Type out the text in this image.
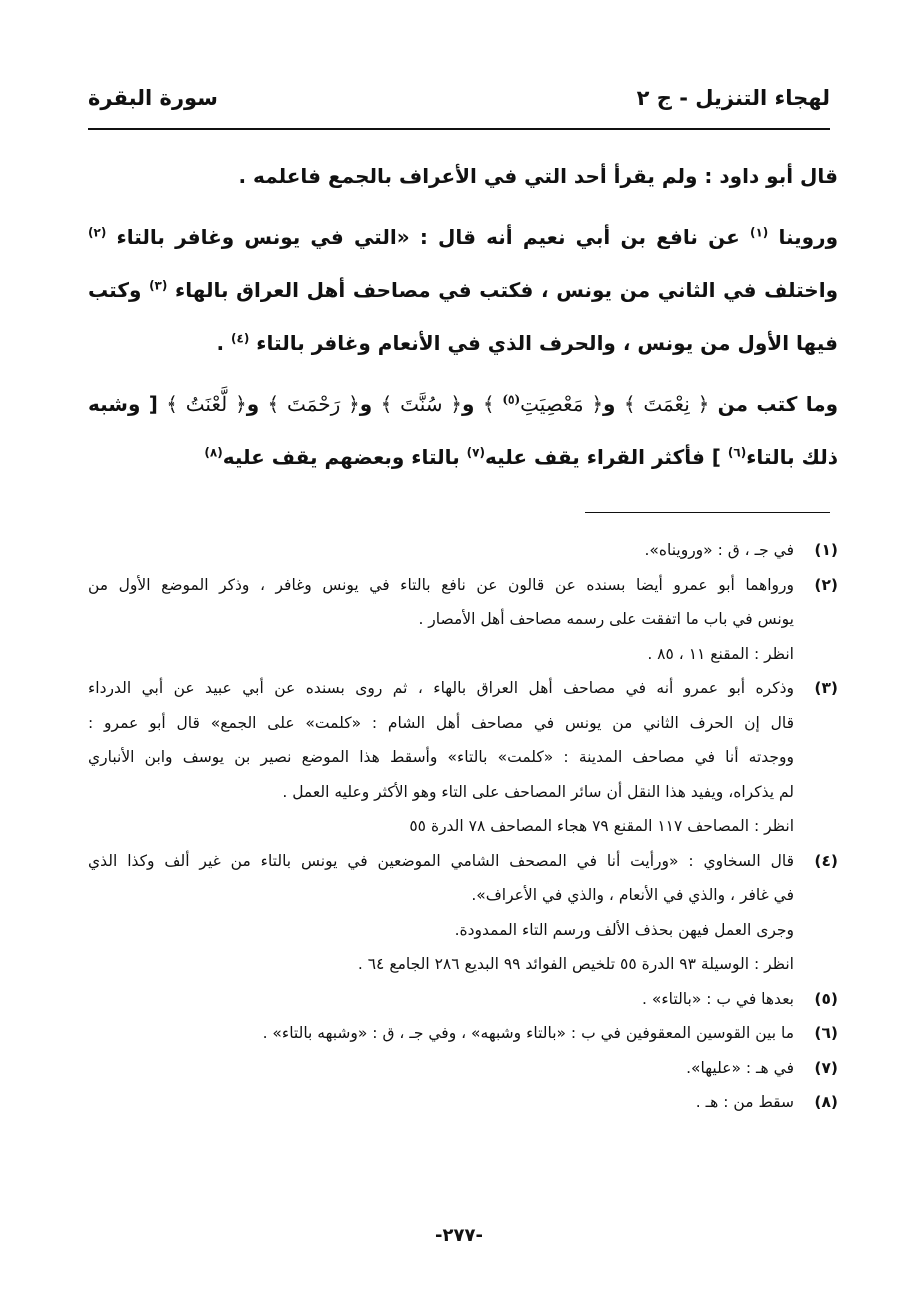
لهجاء التنزيل - ج ٢
سورة البقرة

قال أبو داود : ولم يقرأ أحد التي في الأعراف بالجمع فاعلمه .

وروينا $^{(١)}$ عن نافع بن أبي نعيم أنه قال : «التي في يونس وغافر بالتاء $^{(٢)}$ واختلف في الثاني من يونس ، فكتب في مصاحف أهل العراق بالهاء $^{(٣)}$ وكتب فيها الأول من يونس ، والحرف الذي في الأنعام وغافر بالتاء $^{(٤)}$ .

وما كتب من ﴿ نِعْمَتَ ﴾ و﴿ مَعْصِيَتِ$^{(٥)}$ ﴾ و﴿ سُنَّتَ ﴾ و﴿ رَحْمَتَ ﴾ و﴿ لَّعْنَتُ ﴾ [ وشبه ذلك بالتاء$^{(٦)}$ ] فأكثر القراء يقف عليه$^{(٧)}$ بالتاء وبعضهم يقف عليه$^{(٨)}$

(١)
في جـ ، ق : «ورويناه».
(٢)
ورواهما أبو عمرو أيضا بسنده عن قالون عن نافع بالتاء في يونس وغافر ، وذكر الموضع الأول من
يونس في باب ما اتفقت على رسمه مصاحف أهل الأمصار .
انظر : المقنع ١١ ، ٨٥ .
(٣)
وذكره أبو عمرو أنه في مصاحف أهل العراق بالهاء ، ثم روى بسنده عن أبي عبيد عن أبي الدرداء
قال إن الحرف الثاني من يونس في مصاحف أهل الشام : «كلمت» على الجمع» قال أبو عمرو :
ووجدته أنا في مصاحف المدينة : «كلمت» بالتاء» وأسقط هذا الموضع نصير بن يوسف وابن الأنباري
لم يذكراه، ويفيد هذا النقل أن سائر المصاحف على التاء وهو الأكثر وعليه العمل .
انظر : المصاحف ١١٧ المقنع ٧٩ هجاء المصاحف ٧٨ الدرة ٥٥
(٤)
قال السخاوي : «ورأيت أنا في المصحف الشامي الموضعين في يونس بالتاء من غير ألف وكذا الذي
في غافر ، والذي في الأنعام ، والذي في الأعراف».
وجرى العمل فيهن بحذف الألف ورسم التاء الممدودة.
انظر : الوسيلة ٩٣ الدرة ٥٥ تلخيص الفوائد ٩٩ البديع ٢٨٦ الجامع ٦٤ .
(٥)
بعدها في ب : «بالتاء» .
(٦)
ما بين القوسين المعقوفين في ب : «بالتاء وشبهه» ، وفي جـ ، ق : «وشبهه بالتاء» .
(٧)
في هـ : «عليها».
(٨)
سقط من : هـ .
-٢٧٧-
